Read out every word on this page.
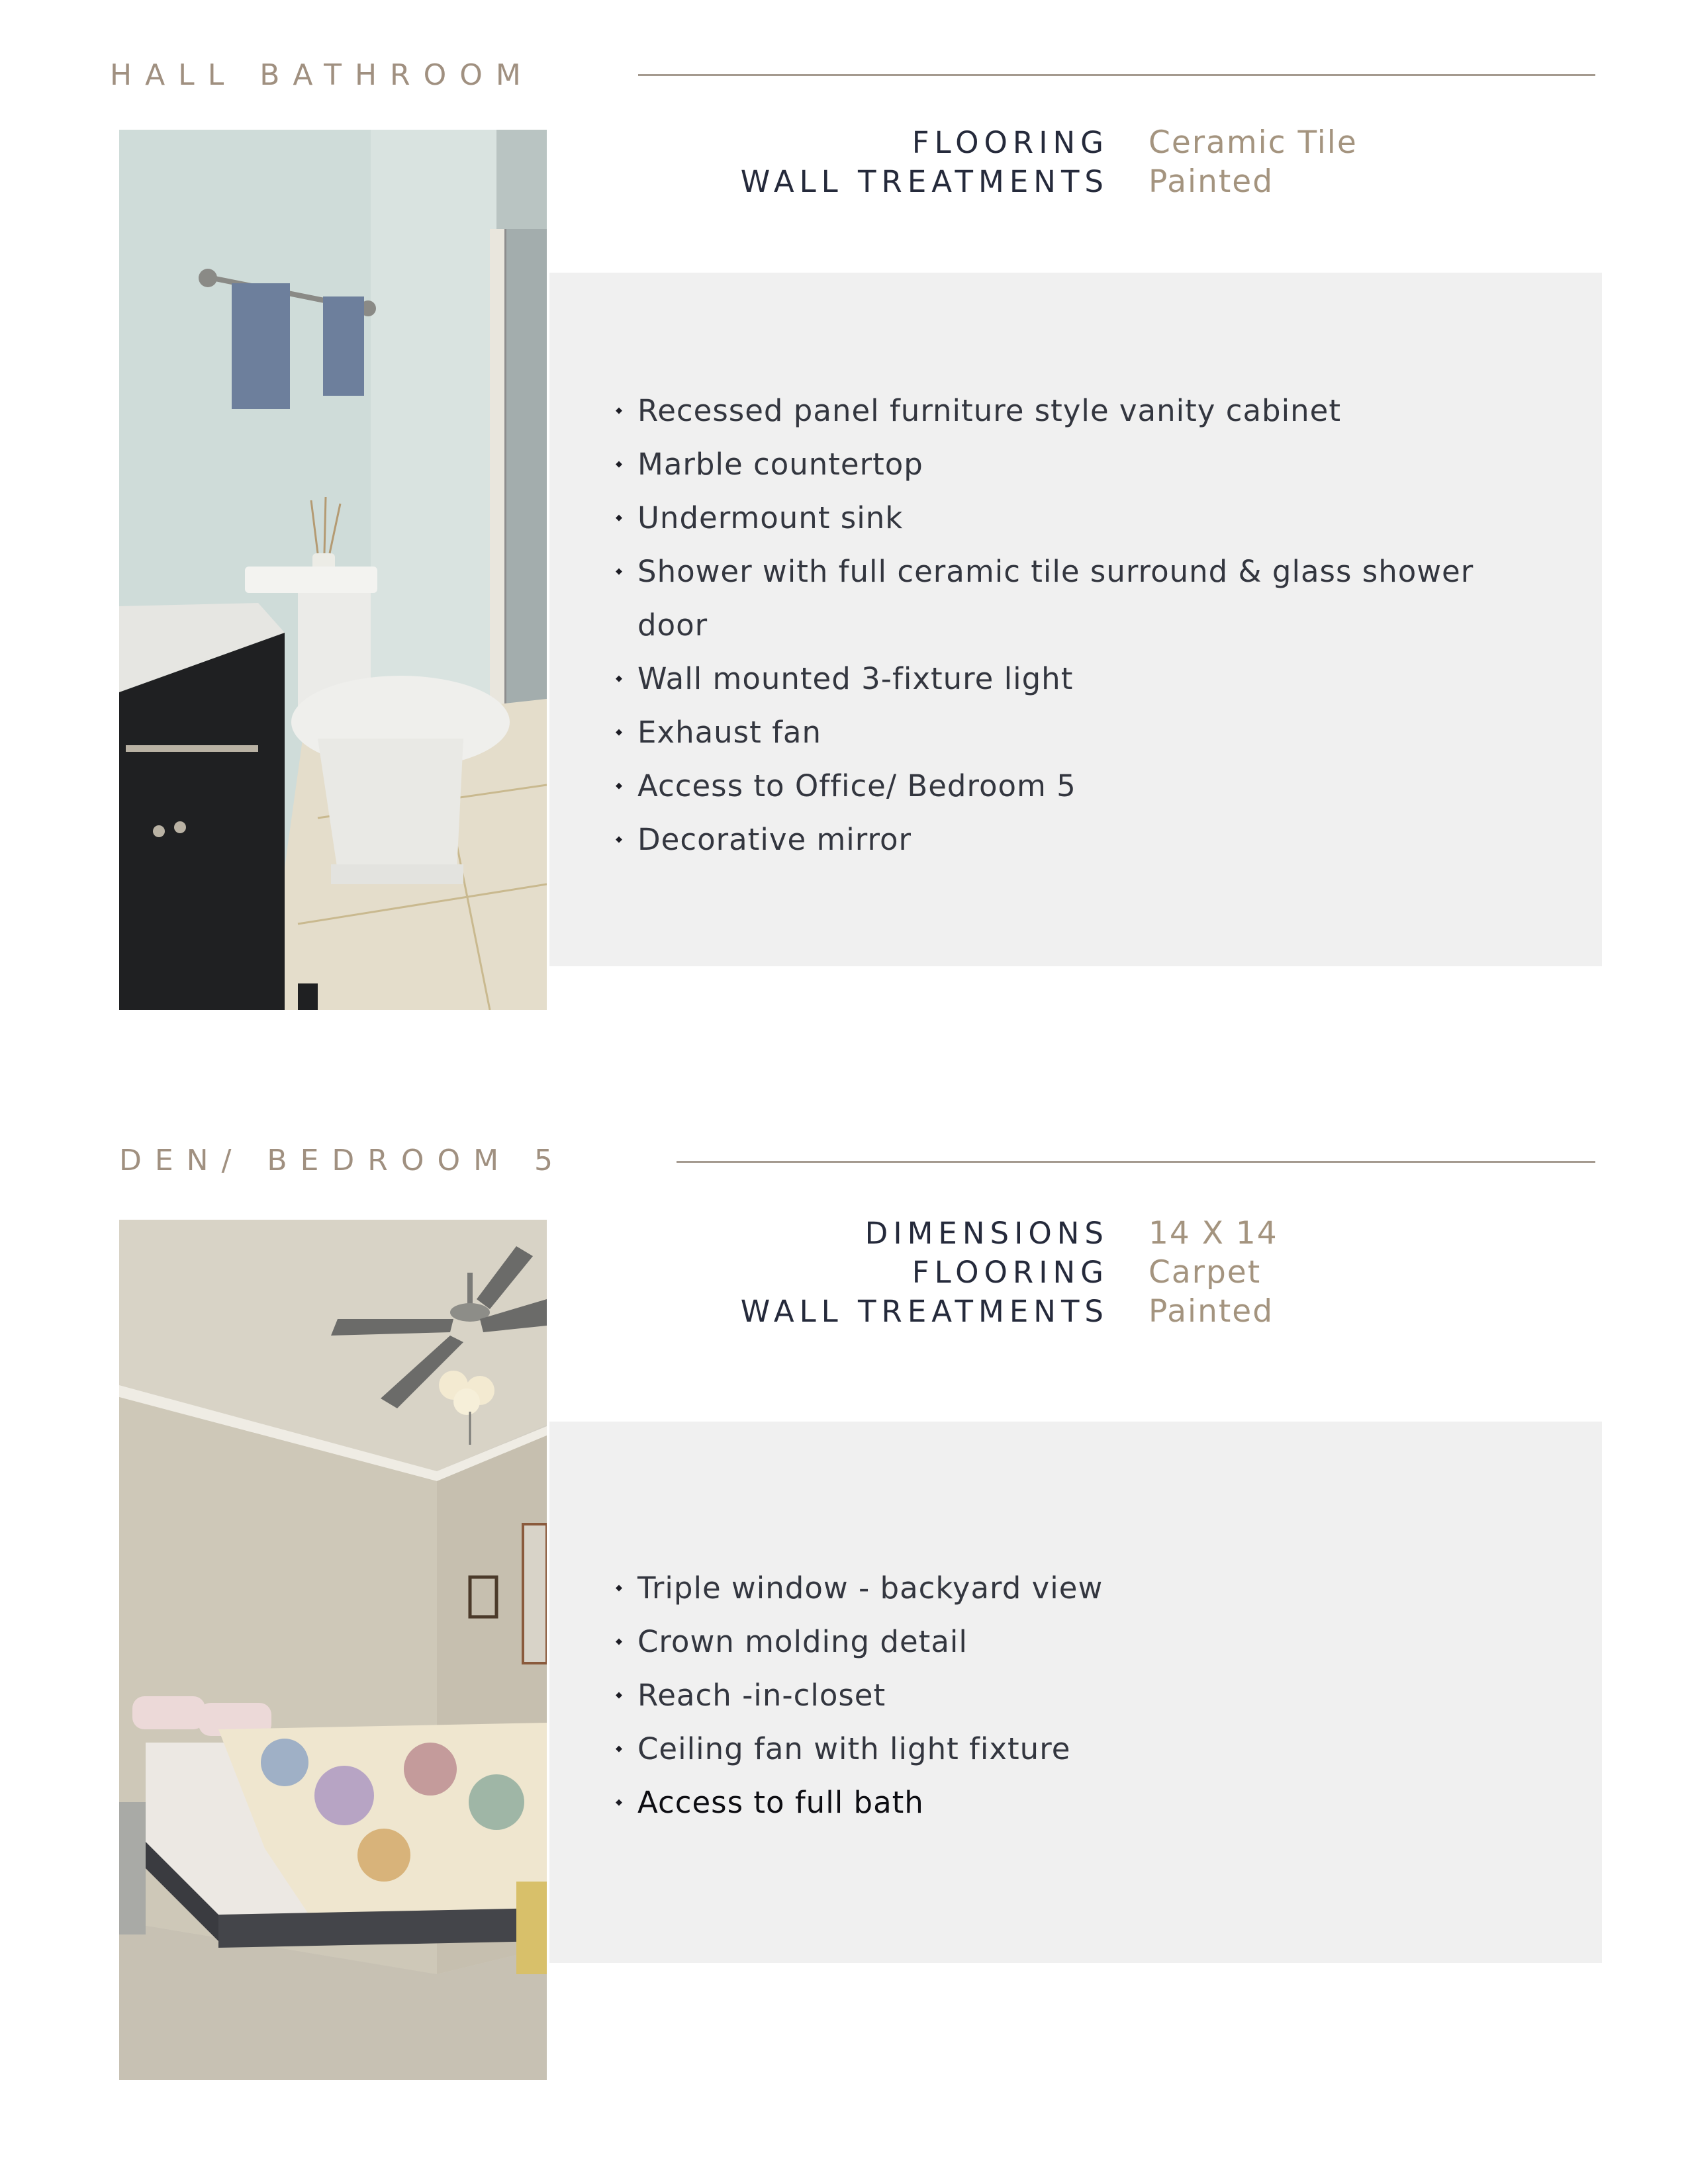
HALL BATHROOM
FLOORING	Ceramic Tile
WALL TREATMENTS	Painted
◆ Recessed panel furniture style vanity cabinet
◆ Marble countertop
◆ Undermount sink
◆ Shower with full ceramic tile surround & glass shower door
◆ Wall mounted 3-fixture light
◆ Exhaust fan
◆ Access to Office/ Bedroom 5
◆ Decorative mirror
DEN/ BEDROOM 5
DIMENSIONS	14 X 14
FLOORING	Carpet
WALL TREATMENTS	Painted
◆ Triple window - backyard view
◆ Crown molding detail
◆ Reach -in-closet
◆ Ceiling fan with light fixture
◆ Access to full bath
